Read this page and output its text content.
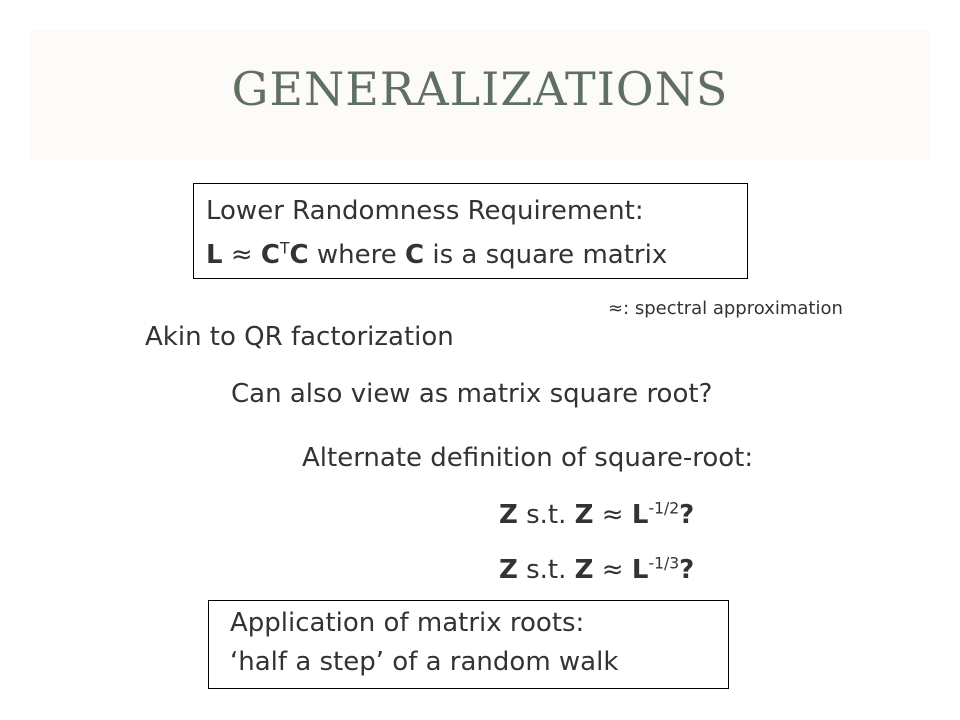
GENERALIZATIONS
Lower Randomness Requirement:
$L \approx C^TC$ where C is a square matrix
≈: spectral approximation
Akin to QR factorization
Can also view as matrix square root?
Alternate definition of square-root:
Z s.t. $Z \approx L^{-1/2}$?
Z s.t. $Z \approx L^{-1/3}$?
Application of matrix roots:
‘half a step’ of a random walk
